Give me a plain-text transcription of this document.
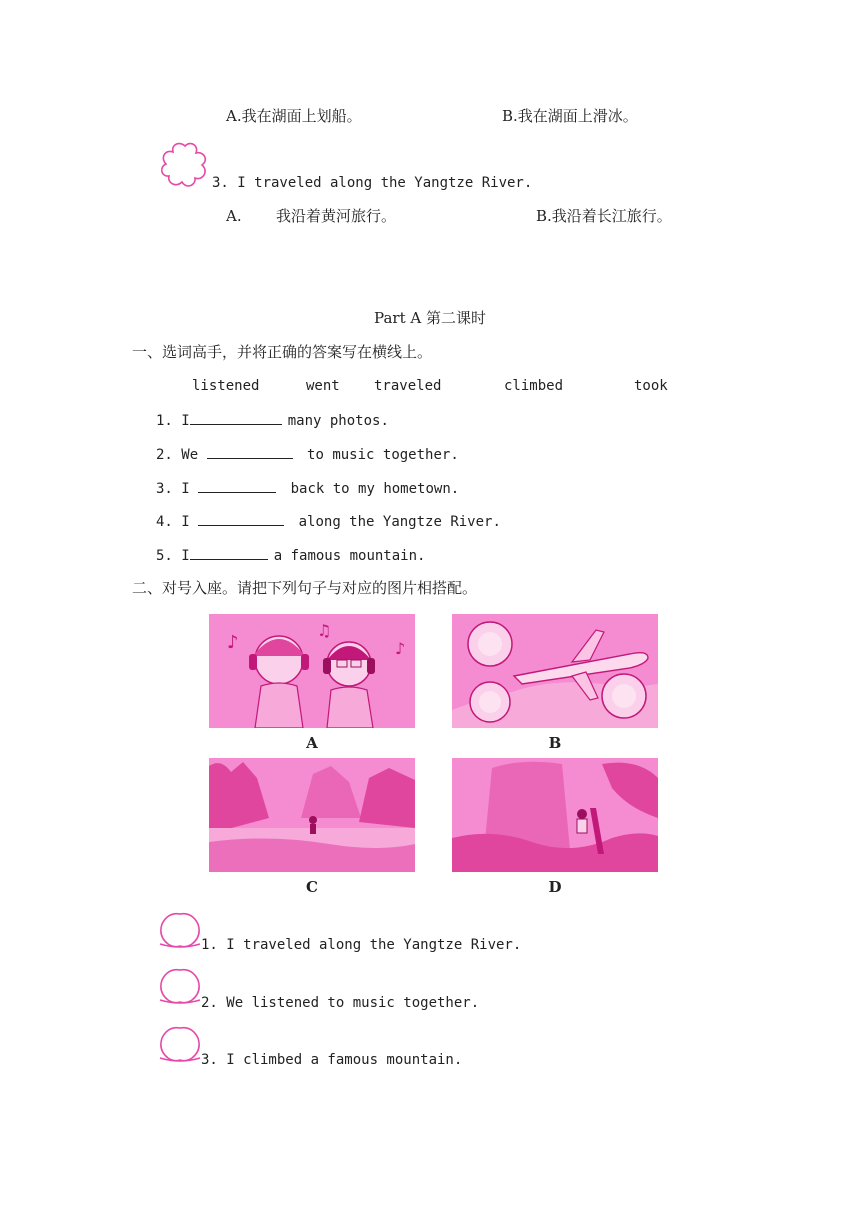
A.我在湖面上划船。	B.我在湖面上滑冰。
3. I traveled along the Yangtze River.
A. 我沿着黄河旅行。	B.我沿着长江旅行。
Part A 第二课时
一、选词高手，并将正确的答案写在横线上。
listened	went traveled	climbed	took
1. I	many photos.
2. We	to music together.
3. I	back to my hometown.
4. I	along the Yangtze River.
5. I	a famous mountain.
二、对号入座。请把下列句子与对应的图片相搭配。
♪
♫
♪
A	B
C	D
1. I traveled along the Yangtze River.
2. We listened to music together.
3. I climbed a famous mountain.
